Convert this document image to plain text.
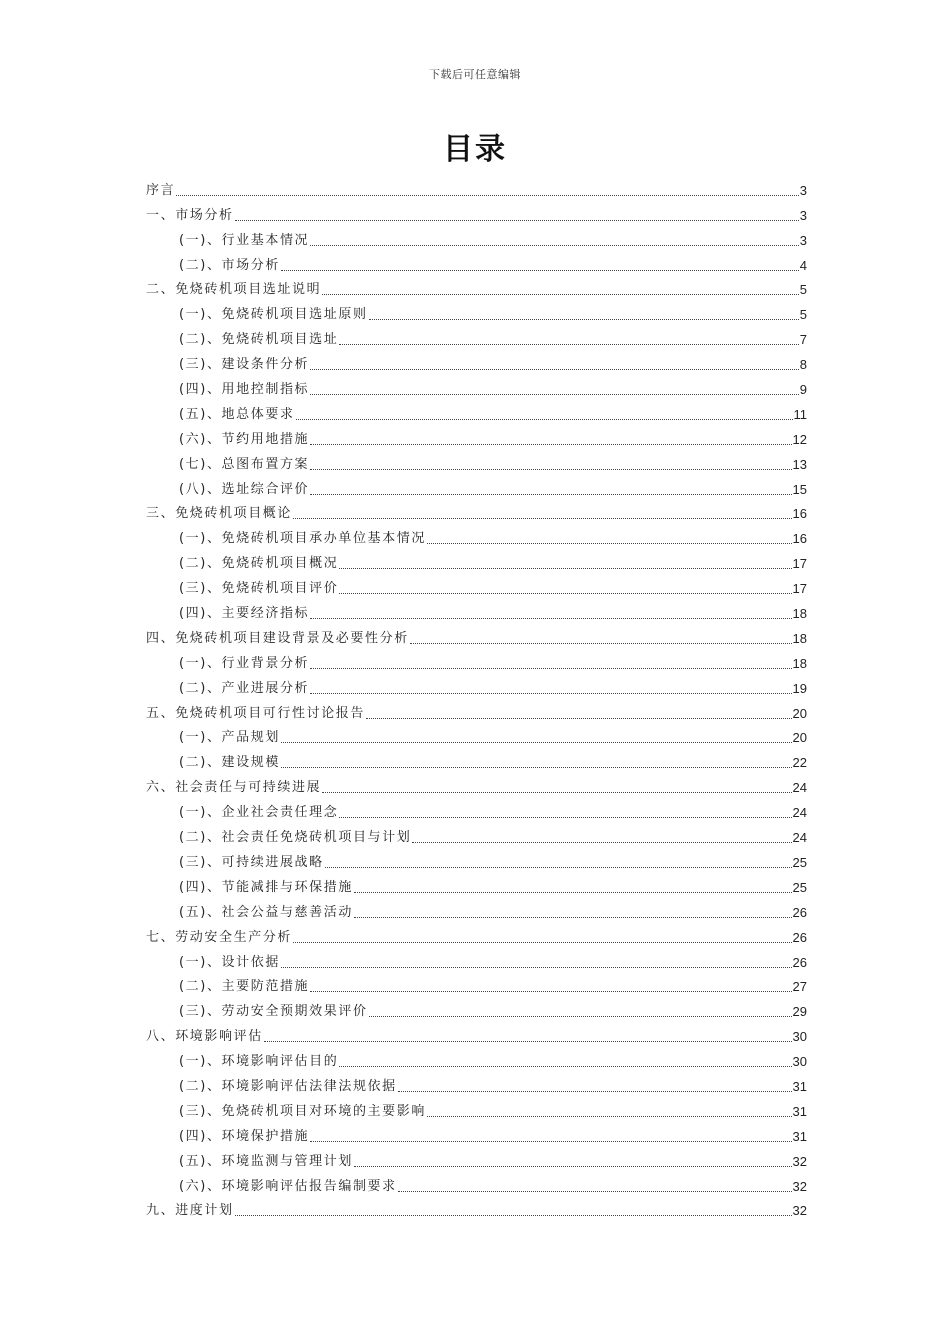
下载后可任意编辑
目录
序言	3
一、市场分析	3
(一)、行业基本情况	3
(二)、市场分析	4
二、免烧砖机项目选址说明	5
(一)、免烧砖机项目选址原则	5
(二)、免烧砖机项目选址	7
(三)、建设条件分析	8
(四)、用地控制指标	9
(五)、地总体要求	11
(六)、节约用地措施	12
(七)、总图布置方案	13
(八)、选址综合评价	15
三、免烧砖机项目概论	16
(一)、免烧砖机项目承办单位基本情况	16
(二)、免烧砖机项目概况	17
(三)、免烧砖机项目评价	17
(四)、主要经济指标	18
四、免烧砖机项目建设背景及必要性分析	18
(一)、行业背景分析	18
(二)、产业进展分析	19
五、免烧砖机项目可行性讨论报告	20
(一)、产品规划	20
(二)、建设规模	22
六、社会责任与可持续进展	24
(一)、企业社会责任理念	24
(二)、社会责任免烧砖机项目与计划	24
(三)、可持续进展战略	25
(四)、节能减排与环保措施	25
(五)、社会公益与慈善活动	26
七、劳动安全生产分析	26
(一)、设计依据	26
(二)、主要防范措施	27
(三)、劳动安全预期效果评价	29
八、环境影响评估	30
(一)、环境影响评估目的	30
(二)、环境影响评估法律法规依据	31
(三)、免烧砖机项目对环境的主要影响	31
(四)、环境保护措施	31
(五)、环境监测与管理计划	32
(六)、环境影响评估报告编制要求	32
九、进度计划	32
